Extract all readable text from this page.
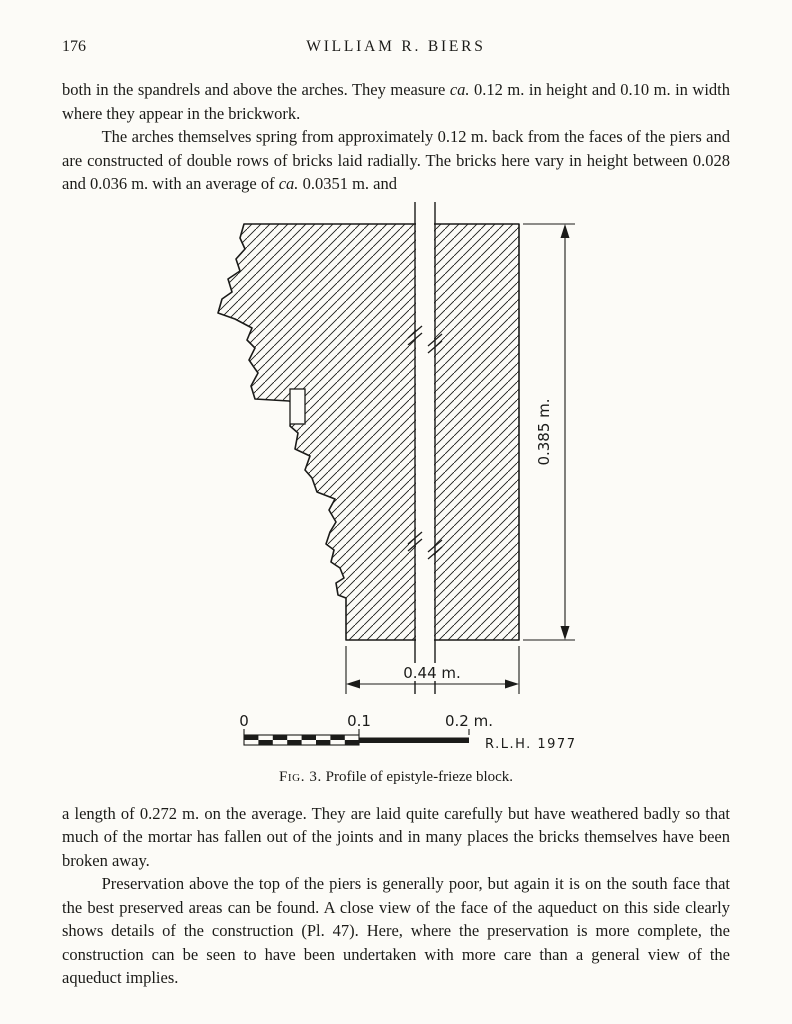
176	WILLIAM R. BIERS

both in the spandrels and above the arches. They measure ca. 0.12 m. in height and 0.10 m. in width where they appear in the brickwork.

The arches themselves spring from approximately 0.12 m. back from the faces of the piers and are constructed of double rows of bricks laid radially. The bricks here vary in height between 0.028 and 0.036 m. with an average of ca. 0.0351 m. and

0.385 m.
0.44 m.
0	0.1	0.2 m.
R.L.H. 1977
Fig. 3. Profile of epistyle-frieze block.

a length of 0.272 m. on the average. They are laid quite carefully but have weathered badly so that much of the mortar has fallen out of the joints and in many places the bricks themselves have been broken away.

Preservation above the top of the piers is generally poor, but again it is on the south face that the best preserved areas can be found. A close view of the face of the aqueduct on this side clearly shows details of the construction (Pl. 47). Here, where the preservation is more complete, the construction can be seen to have been undertaken with more care than a general view of the aqueduct implies.
